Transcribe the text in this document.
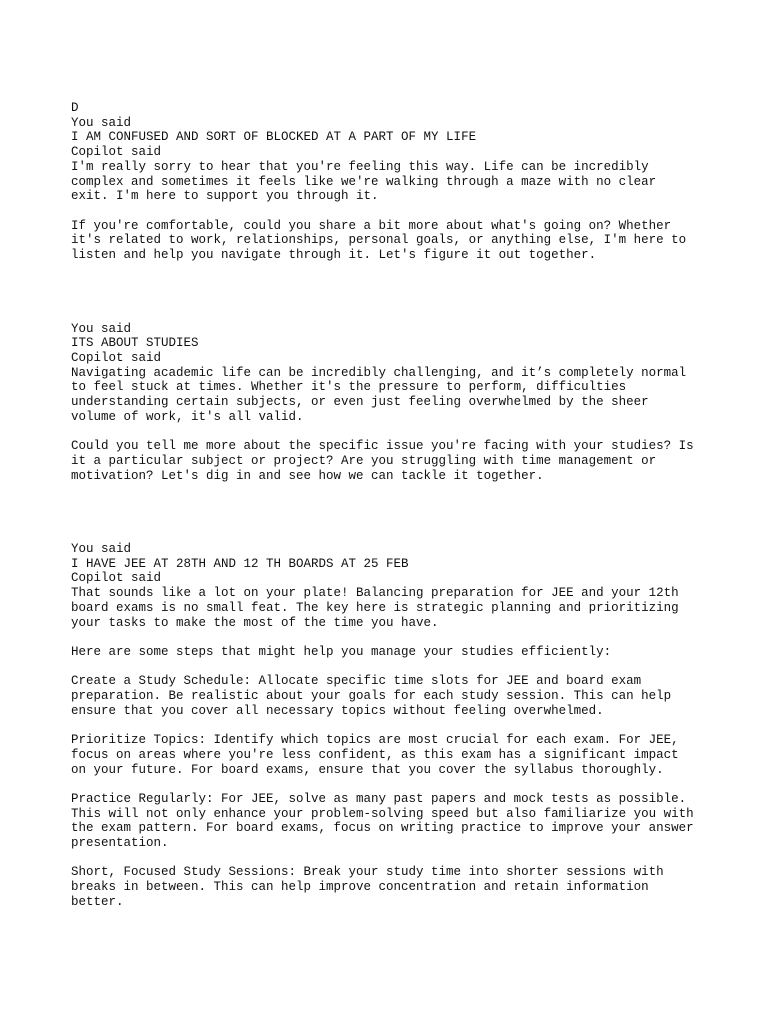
D
You said
I AM CONFUSED AND SORT OF BLOCKED AT A PART OF MY LIFE
Copilot said
I'm really sorry to hear that you're feeling this way. Life can be incredibly
complex and sometimes it feels like we're walking through a maze with no clear
exit. I'm here to support you through it.
If you're comfortable, could you share a bit more about what's going on? Whether
it's related to work, relationships, personal goals, or anything else, I'm here to
listen and help you navigate through it. Let's figure it out together.
You said
ITS ABOUT STUDIES
Copilot said
Navigating academic life can be incredibly challenging, and it’s completely normal
to feel stuck at times. Whether it's the pressure to perform, difficulties
understanding certain subjects, or even just feeling overwhelmed by the sheer
volume of work, it's all valid.
Could you tell me more about the specific issue you're facing with your studies? Is
it a particular subject or project? Are you struggling with time management or
motivation? Let's dig in and see how we can tackle it together.
You said
I HAVE JEE AT 28TH AND 12 TH BOARDS AT 25 FEB
Copilot said
That sounds like a lot on your plate! Balancing preparation for JEE and your 12th
board exams is no small feat. The key here is strategic planning and prioritizing
your tasks to make the most of the time you have.
Here are some steps that might help you manage your studies efficiently:
Create a Study Schedule: Allocate specific time slots for JEE and board exam
preparation. Be realistic about your goals for each study session. This can help
ensure that you cover all necessary topics without feeling overwhelmed.
Prioritize Topics: Identify which topics are most crucial for each exam. For JEE,
focus on areas where you're less confident, as this exam has a significant impact
on your future. For board exams, ensure that you cover the syllabus thoroughly.
Practice Regularly: For JEE, solve as many past papers and mock tests as possible.
This will not only enhance your problem-solving speed but also familiarize you with
the exam pattern. For board exams, focus on writing practice to improve your answer
presentation.
Short, Focused Study Sessions: Break your study time into shorter sessions with
breaks in between. This can help improve concentration and retain information
better.
